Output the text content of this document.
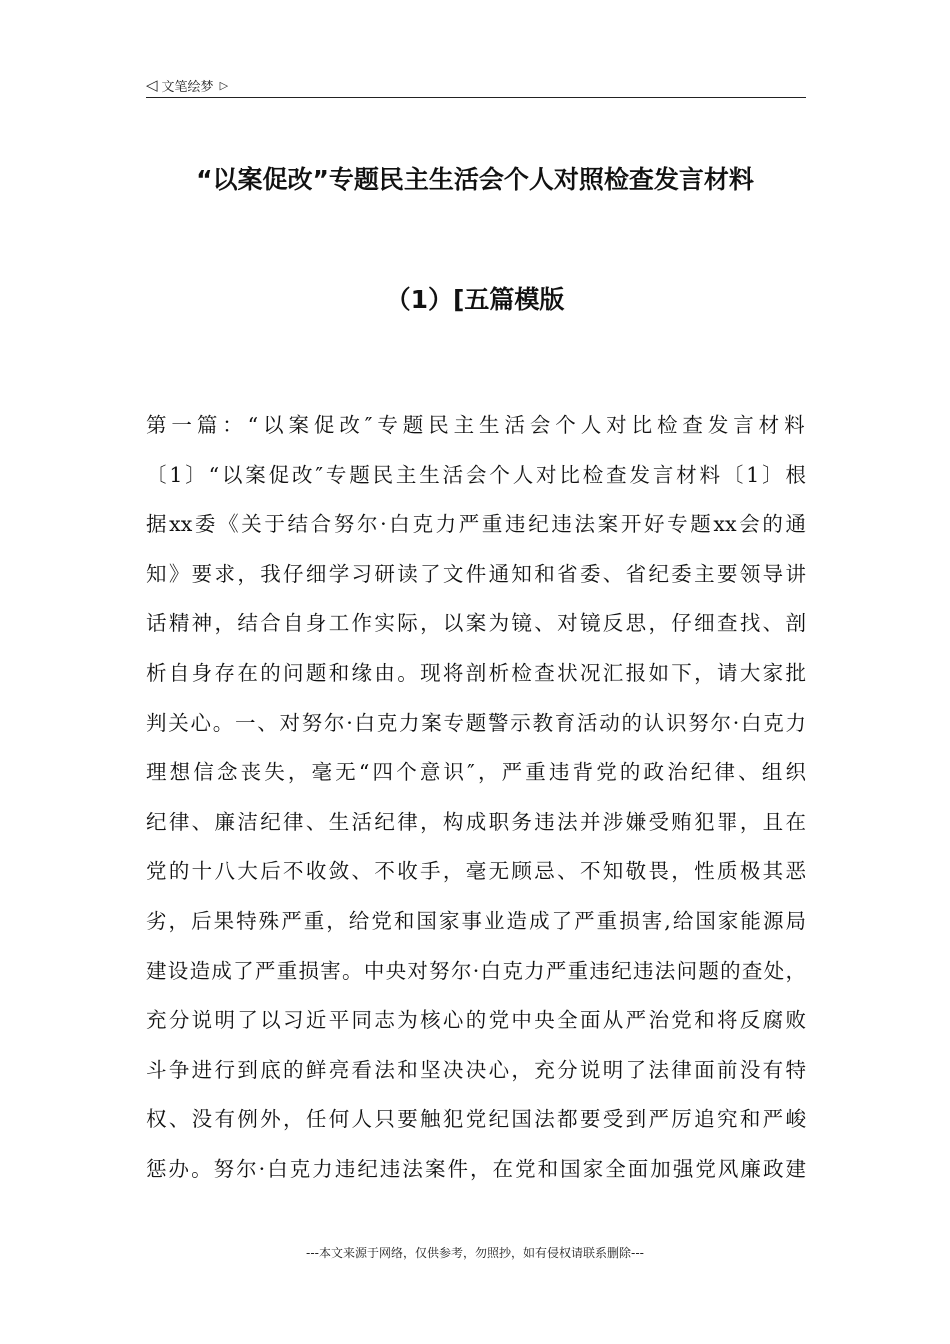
◁ 文笔绘梦 ▷
“以案促改”专题民主生活会个人对照检查发言材料
（1）[五篇模版
第一篇：“以案促改″专题民主生活会个人对比检查发言材料
〔1〕“以案促改″专题民主生活会个人对比检查发言材料〔1〕根
据xx委《关于结合努尔·白克力严重违纪违法案开好专题xx会的通
知》要求，我仔细学习研读了文件通知和省委、省纪委主要领导讲
话精神，结合自身工作实际，以案为镜、对镜反思，仔细查找、剖
析自身存在的问题和缘由。现将剖析检查状况汇报如下，请大家批
判关心。一、对努尔·白克力案专题警示教育活动的认识努尔·白克力
理想信念丧失，毫无“四个意识″，严重违背党的政治纪律、组织
纪律、廉洁纪律、生活纪律，构成职务违法并涉嫌受贿犯罪，且在
党的十八大后不收敛、不收手，毫无顾忌、不知敬畏，性质极其恶
劣，后果特殊严重，给党和国家事业造成了严重损害,给国家能源局
建设造成了严重损害。中央对努尔·白克力严重违纪违法问题的查处，
充分说明了以习近平同志为核心的党中央全面从严治党和将反腐败
斗争进行到底的鲜亮看法和坚决决心，充分说明了法律面前没有特
权、没有例外，任何人只要触犯党纪国法都要受到严厉追究和严峻
惩办。努尔·白克力违纪违法案件，在党和国家全面加强党风廉政建
---本文来源于网络，仅供参考，勿照抄，如有侵权请联系删除---
